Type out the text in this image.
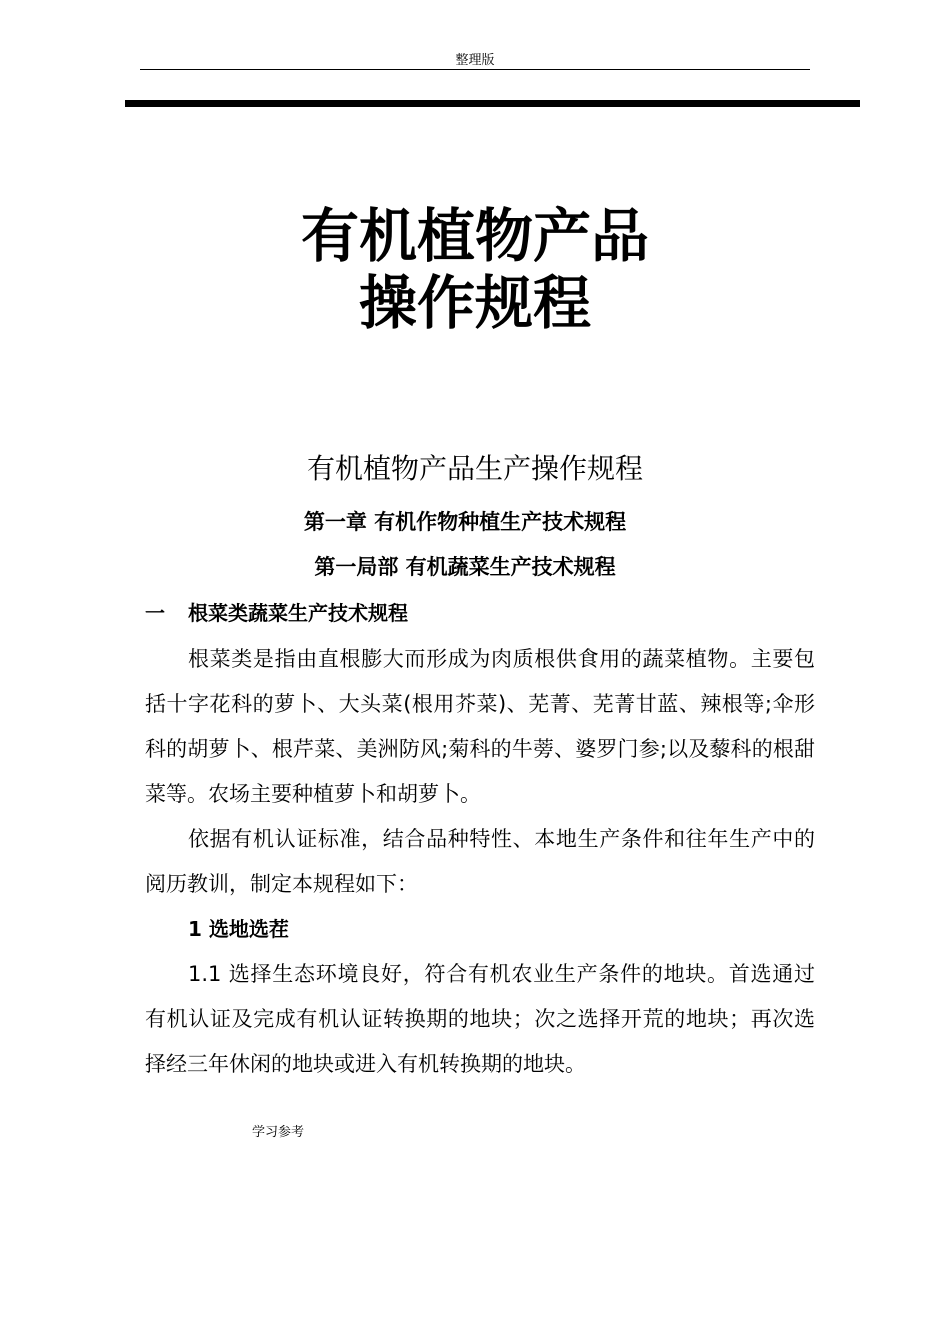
整理版
有机植物产品
操作规程
有机植物产品生产操作规程
第一章 有机作物种植生产技术规程
第一局部 有机蔬菜生产技术规程
一 根菜类蔬菜生产技术规程
根菜类是指由直根膨大而形成为肉质根供食用的蔬菜植物。主要包括十字花科的萝卜、大头菜(根用芥菜)、芜菁、芜菁甘蓝、辣根等;伞形科的胡萝卜、根芹菜、美洲防风;菊科的牛蒡、婆罗门参;以及藜科的根甜菜等。农场主要种植萝卜和胡萝卜。
依据有机认证标准，结合品种特性、本地生产条件和往年生产中的阅历教训，制定本规程如下：
1 选地选茬
1.1 选择生态环境良好，符合有机农业生产条件的地块。首选通过有机认证及完成有机认证转换期的地块；次之选择开荒的地块；再次选择经三年休闲的地块或进入有机转换期的地块。
学习参考
